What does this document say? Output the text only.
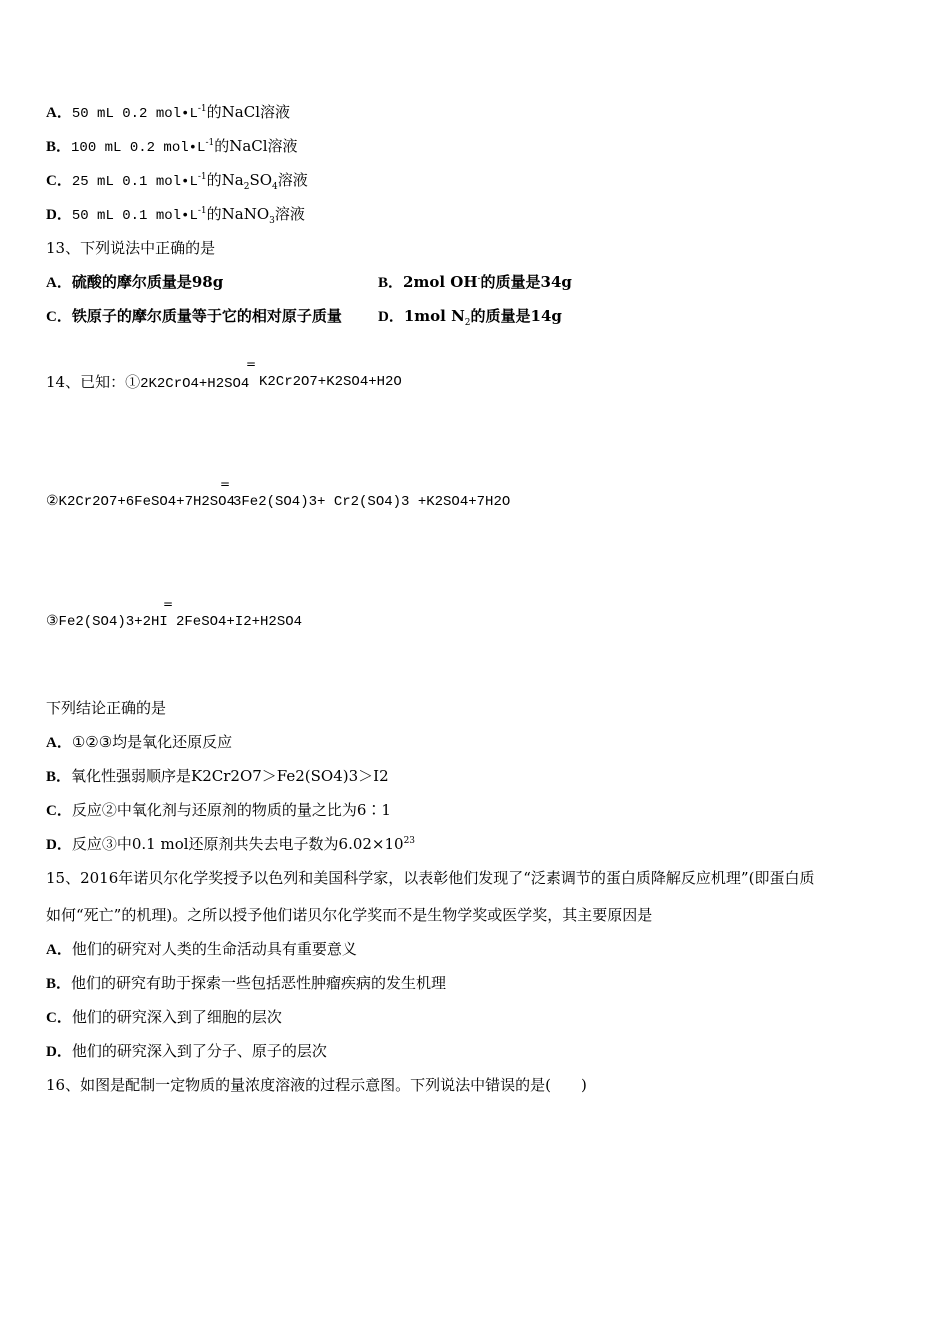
A．50 mL 0.2 $mol•L^{-1}$的NaCl溶液
B．100 mL 0.2 $mol•L^{-1}$的NaCl溶液
C．25 mL 0.1 $mol•L^{-1}$的$Na_2SO_4$溶液
D．50 mL 0.1 $mol•L^{-1}$的NaNO$_3$溶液
13、下列说法中正确的是
A．硫酸的摩尔质量是98g	B．2mol OH-的质量是34g
C．铁原子的摩尔质量等于它的相对原子质量 D．1mol $N_2$的质量是14g
14、已知：①2K2CrO4+H2SO4
=
K2Cr2O7+K2SO4+H2O
②K2Cr2O7+6FeSO4+7H2SO4
=
3Fe2(SO4)3+ Cr2(SO4)3 +K2SO4+7H2O
③Fe2(SO4)3+2HI
=
2FeSO4+I2+H2SO4
下列结论正确的是
A．①②③均是氧化还原反应
B．氧化性强弱顺序是K2Cr2O7＞Fe2(SO4)3＞I2
C．反应②中氧化剂与还原剂的物质的量之比为6∶1
D．反应③中0.1 mol还原剂共失去电子数为$6.02\times 10^{23}$
15、2016年诺贝尔化学奖授予以色列和美国科学家，以表彰他们发现了“泛素调节的蛋白质降解反应机理”(即蛋白质
如何“死亡”的机理)。之所以授予他们诺贝尔化学奖而不是生物学奖或医学奖，其主要原因是
A．他们的研究对人类的生命活动具有重要意义
B．他们的研究有助于探索一些包括恶性肿瘤疾病的发生机理
C．他们的研究深入到了细胞的层次
D．他们的研究深入到了分子、原子的层次
16、如图是配制一定物质的量浓度溶液的过程示意图。下列说法中错误的是(　　)
